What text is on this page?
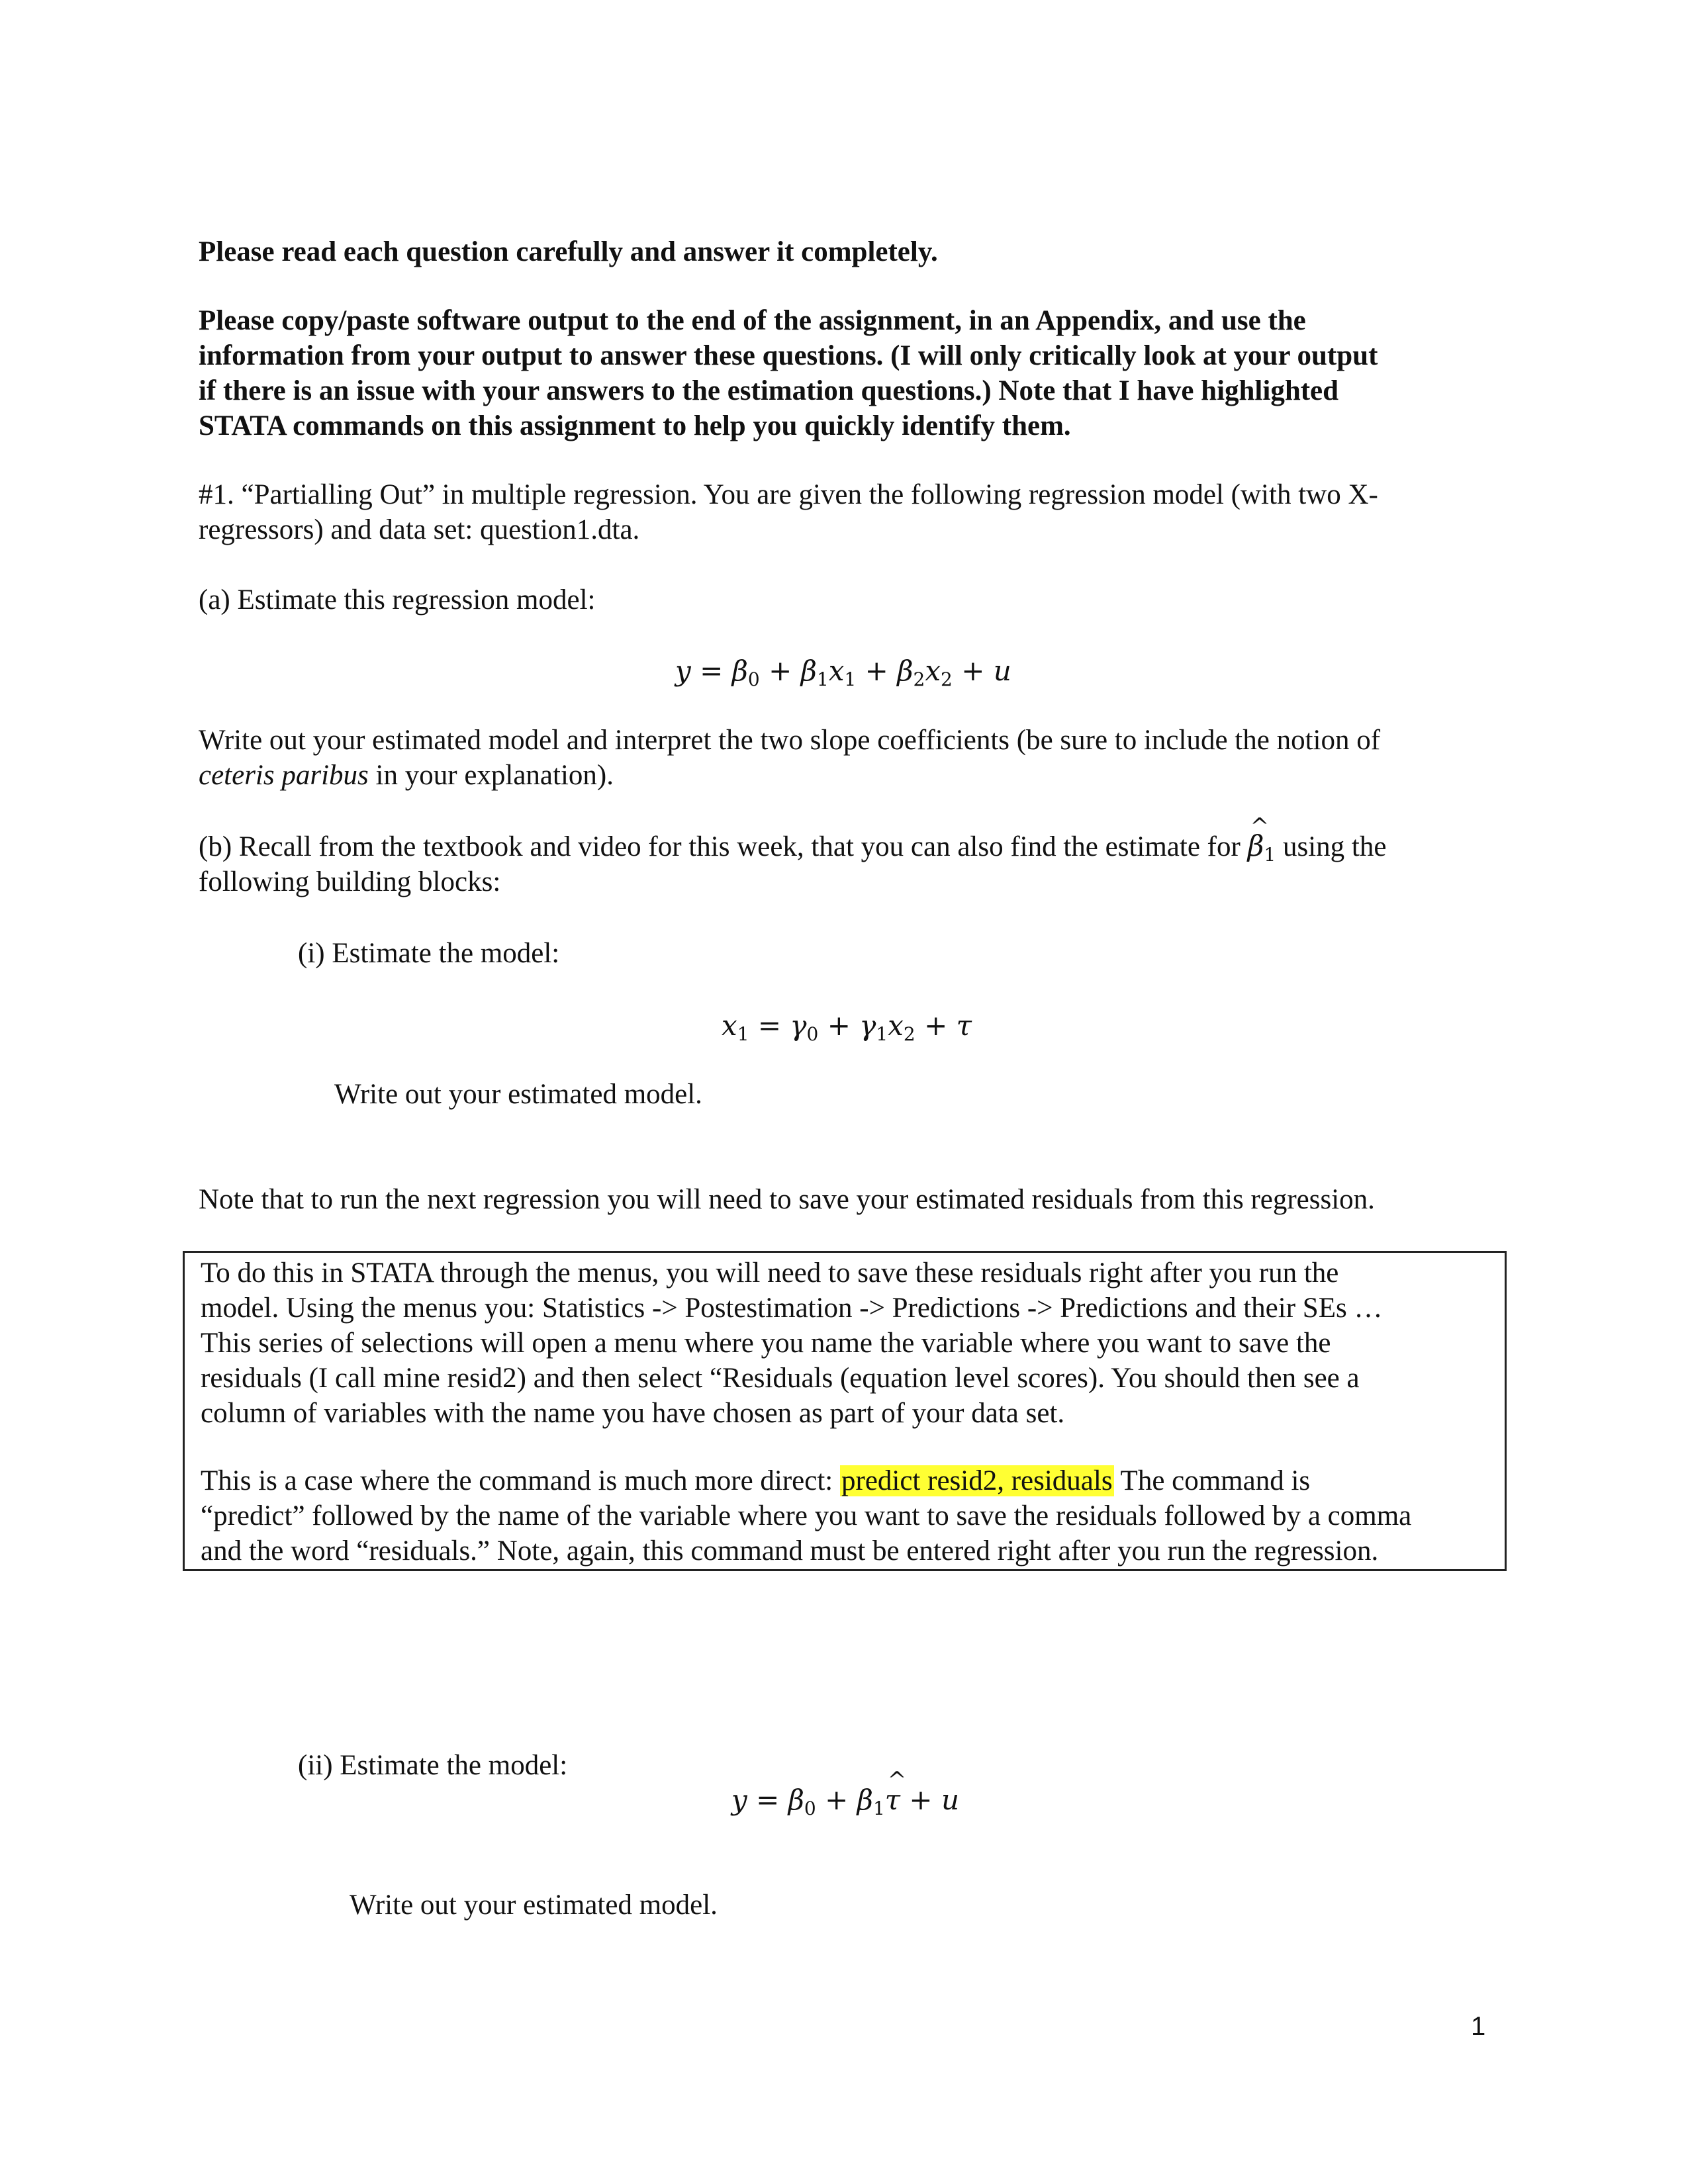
Please read each question carefully and answer it completely.

Please copy/paste software output to the end of the assignment, in an Appendix, and use the
information from your output to answer these questions. (I will only critically look at your output
if there is an issue with your answers to the estimation questions.) Note that I have highlighted
STATA commands on this assignment to help you quickly identify them.

#1. “Partialling Out” in multiple regression. You are given the following regression model (with two X-
regressors) and data set: question1.dta.

(a) Estimate this regression model:

$y = \beta_0 + \beta_1x_1 + \beta_2x_2 + u$

Write out your estimated model and interpret the two slope coefficients (be sure to include the notion of
ceteris paribus in your explanation).

(b) Recall from the textbook and video for this week, that you can also find the estimate for β $\^{}_1$ using the
following building blocks:

(i) Estimate the model:

$x_1 = \gamma_0 + \gamma_1x_2 + \tau$

Write out your estimated model.

Note that to run the next regression you will need to save your estimated residuals from this regression.

To do this in STATA through the menus, you will need to save these residuals right after you run the
model. Using the menus you: Statistics -> Postestimation -> Predictions -> Predictions and their SEs …
This series of selections will open a menu where you name the variable where you want to save the
residuals (I call mine resid2) and then select “Residuals (equation level scores). You should then see a
column of variables with the name you have chosen as part of your data set.

This is a case where the command is much more direct: predict resid2, residuals The command is
“predict” followed by the name of the variable where you want to save the residuals followed by a comma
and the word “residuals.” Note, again, this command must be entered right after you run the regression.

(ii) Estimate the model:

$y = \beta_0 + \beta_1\tau$ ^ + u

Write out your estimated model.

1
